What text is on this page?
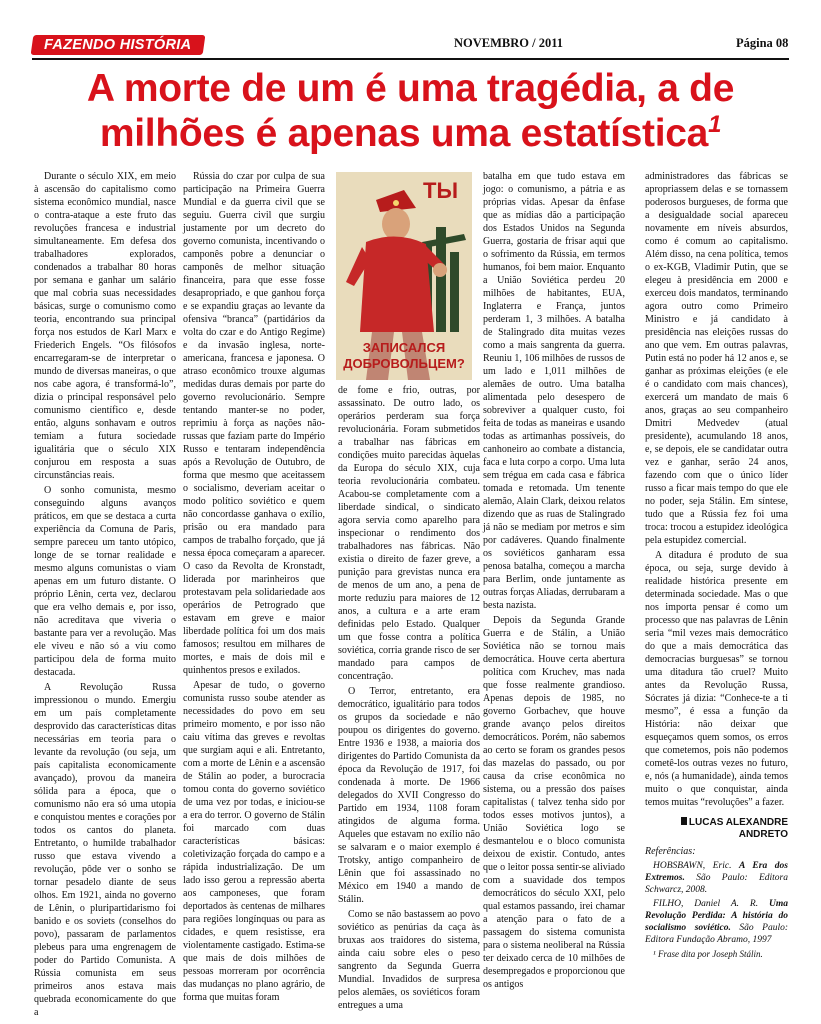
FAZENDO HISTÓRIA	NOVEMBRO / 2011	Página 08
A morte de um é uma tragédia, a de
milhões é apenas uma estatística$^1$

Durante o século XIX, em meio à ascensão do capitalismo como sistema econômico mundial, nasce o contra-ataque a este fruto das revoluções francesa e industrial simultaneamente. Em defesa dos trabalhadores explorados, condenados a trabalhar 80 horas por semana e ganhar um salário que mal cobria suas necessidades básicas, surge o comunismo como teoria, encontrando sua principal força nos estudos de Karl Marx e Friederich Engels. “Os filósofos encarregaram-se de interpretar o mundo de diversas maneiras, o que nos cabe agora, é transformá-lo”, dizia o principal responsável pelo comunismo científico e, desde então, alguns sonhavam e outros temiam a futura sociedade igualitária que o século XIX conjurou em resposta a suas circunstâncias reais.

O sonho comunista, mesmo conseguindo alguns avanços práticos, em que se destaca a curta experiência da Comuna de Paris, sempre pareceu um tanto utópico, longe de se tornar realidade e mesmo alguns comunistas o viam apenas em um futuro distante. O próprio Lênin, certa vez, declarou que era velho demais e, por isso, não acreditava que viveria o bastante para ver a revolução. Mas ele viveu e não só a viu como participou dela de forma muito destacada.

A Revolução Russa impressionou o mundo. Emergiu em um país completamente desprovido das características ditas necessárias em teoria para o levante da revolução (ou seja, um país capitalista economicamente avançado), provou da maneira sólida para a época, que o comunismo não era só uma utopia e conquistou mentes e corações por todos os cantos do planeta. Entretanto, o humilde trabalhador russo que estava vivendo a revolução, pôde ver o sonho se tornar pesadelo diante de seus olhos. Em 1921, ainda no governo de Lênin, o pluripartidarismo foi banido e os soviets (conselhos do povo), passaram de parlamentos plebeus para uma engrenagem de poder do Partido Comunista. A Rússia comunista em seus primeiros anos estava mais quebrada economicamente do que a

Rússia do czar por culpa de sua participação na Primeira Guerra Mundial e da guerra civil que se seguiu. Guerra civil que surgiu justamente por um decreto do governo comunista, incentivando o camponês pobre a denunciar o camponês de melhor situação financeira, para que esse fosse desapropriado, e que ganhou força e se expandiu graças ao levante da ofensiva “branca” (partidários da volta do czar e do Antigo Regime) e da invasão inglesa, norte-americana, francesa e japonesa. O atraso econômico trouxe algumas medidas duras demais por parte do governo revolucionário. Sempre tentando manter-se no poder, reprimiu à força as nações não-russas que faziam parte do Império Russo e tentaram independência após a Revolução de Outubro, de forma que mesmo que aceitassem o socialismo, deveriam aceitar o modo político soviético e quem não concordasse ganhava o exílio, prisão ou era mandado para campos de trabalho forçado, que já nessa época começaram a aparecer. O caso da Revolta de Kronstadt, liderada por marinheiros que protestavam pela solidariedade aos operários de Petrogrado que estavam em greve e maior liberdade política foi um dos mais famosos; resultou em milhares de mortes, e mais de dois mil e quinhentos presos e exilados.

Apesar de tudo, o governo comunista russo soube atender as necessidades do povo em seu primeiro momento, e por isso não caiu vítima das greves e revoltas que surgiam aqui e ali. Entretanto, com a morte de Lênin e a ascensão de Stálin ao poder, a burocracia tomou conta do governo soviético de uma vez por todas, e iniciou-se a era do terror. O governo de Stálin foi marcado com duas características básicas: coletivização forçada do campo e a rápida industrialização. De um lado isso gerou a repressão aberta aos camponeses, que foram deportados às centenas de milhares para regiões longínquas ou para as cidades, e quem resistisse, era violentamente castigado. Estima-se que mais de dois milhões de pessoas morreram por ocorrência das mudanças no plano agrário, de forma que muitas foram

ТЫ
ЗАПИСАЛСЯ
ДОБРОВОЛЬЦЕМ?

de fome e frio, outras, por assassinato. De outro lado, os operários perderam sua força revolucionária. Foram submetidos a trabalhar nas fábricas em condições muito parecidas àquelas da Europa do século XIX, cuja teoria revolucionária combateu. Acabou-se completamente com a liberdade sindical, o sindicato agora servia como aparelho para inspecionar o rendimento dos trabalhadores nas fábricas. Não existia o direito de fazer greve, a punição para grevistas nunca era de menos de um ano, a pena de morte reduziu para maiores de 12 anos, a cultura e a arte eram definidas pelo Estado. Qualquer um que fosse contra a política soviética, corria grande risco de ser mandado para campos de concentração.

O Terror, entretanto, era democrático, igualitário para todos os grupos da sociedade e não poupou os dirigentes do governo. Entre 1936 e 1938, a maioria dos dirigentes do Partido Comunista da época da Revolução de 1917, foi condenada à morte. De 1966 delegados do XVII Congresso do Partido em 1934, 1108 foram atingidos de alguma forma. Aqueles que estavam no exílio não se salvaram e o maior exemplo é Trotsky, antigo companheiro de Lênin que foi assassinado no México em 1940 a mando de Stálin.

Como se não bastassem ao povo soviético as penúrias da caça às bruxas aos traidores do sistema, ainda caiu sobre eles o peso sangrento da Segunda Guerra Mundial. Invadidos de surpresa pelos alemães, os soviéticos foram entregues a uma

batalha em que tudo estava em jogo: o comunismo, a pátria e as próprias vidas. Apesar da ênfase que as mídias dão a participação dos Estados Unidos na Segunda Guerra, gostaria de frisar aqui que o sofrimento da Rússia, em termos humanos, foi bem maior. Enquanto a União Soviética perdeu 20 milhões de habitantes, EUA, Inglaterra e França, juntos perderam 1, 3 milhões. A batalha de Stalingrado dita muitas vezes como a mais sangrenta da guerra. Reuniu 1, 106 milhões de russos de um lado e 1,011 milhões de alemães de outro. Uma batalha alimentada pelo desespero de sobreviver a qualquer custo, foi feita de todas as maneiras e usando todas as artimanhas possíveis, do canhoneiro ao combate a distancia, faca e luta corpo a corpo. Uma luta sem trégua em cada casa e fábrica tomada e retomada. Um tenente alemão, Alain Clark, deixou relatos dizendo que as ruas de Stalingrado já não se mediam por metros e sim por cadáveres. Quando finalmente os soviéticos ganharam essa penosa batalha, começou a marcha para Berlim, onde juntamente as outras forças Aliadas, derrubaram a besta nazista.

Depois da Segunda Grande Guerra e de Stálin, a União Soviética não se tornou mais democrática. Houve certa abertura política com Kruchev, mas nada que fosse realmente grandioso. Apenas depois de 1985, no governo Gorbachev, que houve grande avanço pelos direitos democráticos. Porém, não sabemos ao certo se foram os grandes pesos das mazelas do passado, ou por causa da crise econômica no sistema, ou a pressão dos países capitalistas ( talvez tenha sido por todos esses motivos juntos), a União Soviética logo se desmantelou e o bloco comunista deixou de existir. Contudo, antes que o leitor possa sentir-se aliviado com a suavidade dos tempos democráticos do século XXI, pelo qual estamos passando, irei chamar a atenção para o fato de a passagem do sistema comunista para o sistema neoliberal na Rússia ter deixado cerca de 10 milhões de desempregados e proporcionou que os antigos

administradores das fábricas se apropriassem delas e se tornassem poderosos burgueses, de forma que a desigualdade social apareceu novamente em níveis absurdos, como é comum ao capitalismo. Além disso, na cena política, temos o ex-KGB, Vladimir Putin, que se elegeu à presidência em 2000 e exerceu dois mandatos, terminando agora outro como Primeiro Ministro e já candidato à presidência nas eleições russas do ano que vem. Em outras palavras, Putin está no poder há 12 anos e, se ganhar as próximas eleições (e ele é o candidato com mais chances), exercerá um mandato de mais 6 anos, graças ao seu companheiro Dmitri Medvedev (atual presidente), acumulando 18 anos, e, se depois, ele se candidatar outra vez e ganhar, serão 24 anos, fazendo com que o único líder russo a ficar mais tempo do que ele no poder, seja Stálin. Em síntese, tudo que a Rússia fez foi uma troca: trocou a estupidez ideológica pela estupidez comercial.

A ditadura é produto de sua época, ou seja, surge devido à realidade histórica presente em determinada sociedade. Mas o que nos importa pensar é como um processo que nas palavras de Lênin seria “mil vezes mais democrático do que a mais democrática das democracias burguesas” se tornou uma ditadura tão cruel? Muito antes da Revolução Russa, Sócrates já dizia: “Conhece-te a ti mesmo”, é essa a função da História: não deixar que esqueçamos quem somos, os erros que cometemos, pois não podemos cometê-los outras vezes no futuro, e, nós (a humanidade), ainda temos muito o que conquistar, ainda temos muitas “revoluções” a fazer.

LUCAS ALEXANDRE
ANDRETO
Referências:
HOBSBAWN, Eric. A Era dos Extremos. São Paulo: Editora Schwarcz, 2008.
FILHO, Daniel A. R. Uma Revolução Perdida: A história do socialismo soviético. São Paulo: Editora Fundação Abramo, 1997
¹ Frase dita por Joseph Stálin.
